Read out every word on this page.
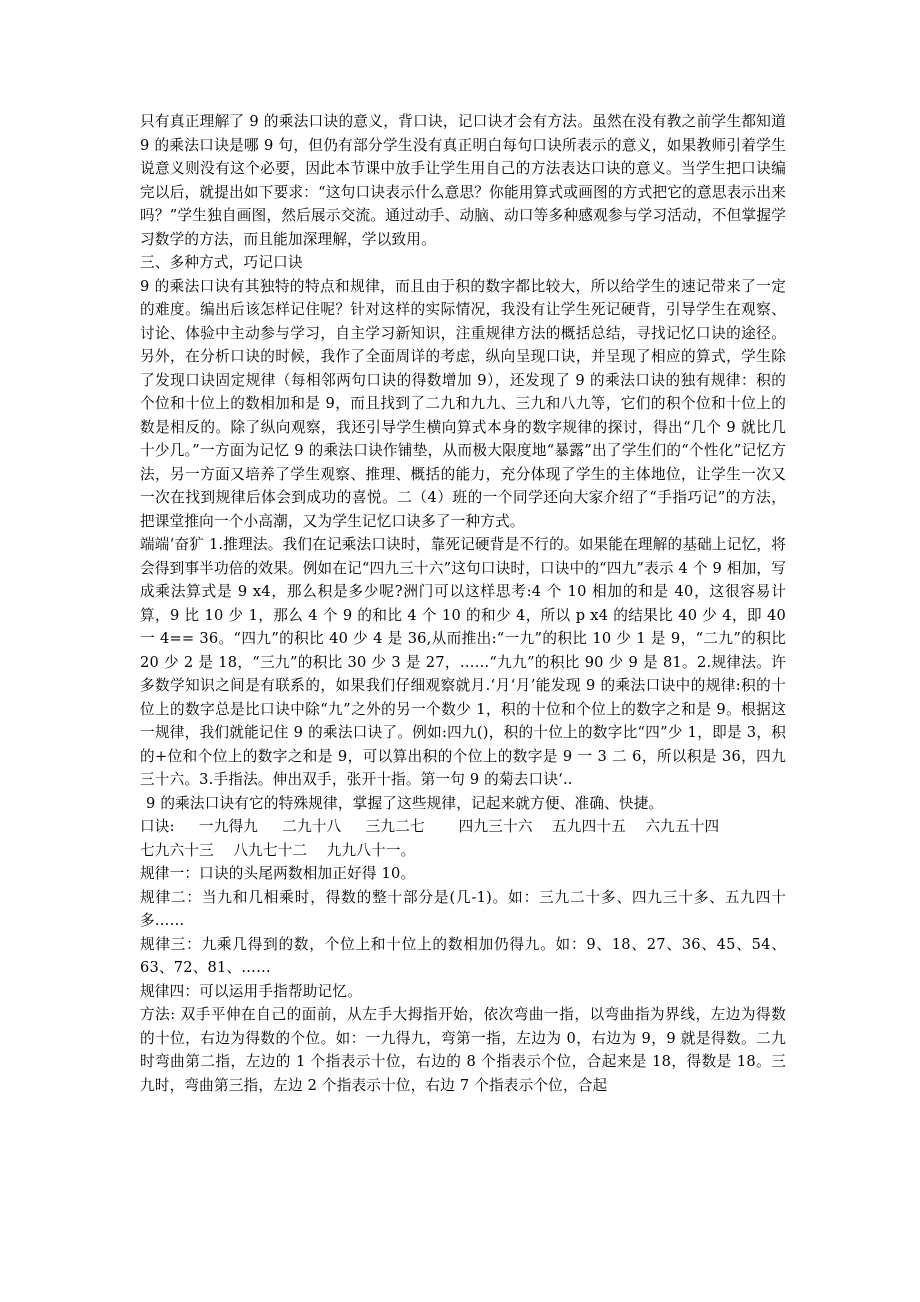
只有真正理解了 9 的乘法口诀的意义，背口诀，记口诀才会有方法。虽然在没有教之前学生都知道 9 的乘法口诀是哪 9 句，但仍有部分学生没有真正明白每句口诀所表示的意义，如果教师引着学生说意义则没有这个必要，因此本节课中放手让学生用自己的方法表达口诀的意义。当学生把口诀编完以后，就提出如下要求：“这句口诀表示什么意思？你能用算式或画图的方式把它的意思表示出来吗？”学生独自画图，然后展示交流。通过动手、动脑、动口等多种感观参与学习活动，不但掌握学习数学的方法，而且能加深理解，学以致用。

三、多种方式，巧记口诀

9 的乘法口诀有其独特的特点和规律，而且由于积的数字都比较大，所以给学生的速记带来了一定的难度。编出后该怎样记住呢？针对这样的实际情况，我没有让学生死记硬背，引导学生在观察、讨论、体验中主动参与学习，自主学习新知识，注重规律方法的概括总结，寻找记忆口诀的途径。另外，在分析口诀的时候，我作了全面周详的考虑，纵向呈现口诀，并呈现了相应的算式，学生除了发现口诀固定规律（每相邻两句口诀的得数增加 9），还发现了 9 的乘法口诀的独有规律：积的个位和十位上的数相加和是 9，而且找到了二九和九九、三九和八九等，它们的积个位和十位上的数是相反的。除了纵向观察，我还引导学生横向算式本身的数字规律的探讨，得出“几个 9 就比几十少几。”一方面为记忆 9 的乘法口诀作铺垫，从而极大限度地“暴露”出了学生们的“个性化”记忆方法，另一方面又培养了学生观察、推理、概括的能力，充分体现了学生的主体地位，让学生一次又一次在找到规律后体会到成功的喜悦。二（4）班的一个同学还向大家介绍了“手指巧记”的方法，把课堂推向一个小高潮，又为学生记忆口诀多了一种方式。

端端‘奋犷 1.推理法。我们在记乘法口诀时，靠死记硬背是不行的。如果能在理解的基础上记忆，将会得到事半功倍的效果。例如在记“四九三十六”这句口诀时，口诀中的“四九”表示 4 个 9 相加，写成乘法算式是 9 x4，那么积是多少呢?洲门可以这样思考:4 个 10 相加的和是 40，这很容易计算，9 比 10 少 1，那么 4 个 9 的和比 4 个 10 的和少 4，所以 p x4 的结果比 40 少 4，即 40 一 4== 36。“四九”的积比 40 少 4 是 36,从而推出:“一九”的积比 10 少 1 是 9，“二九”的积比 20 少 2 是 18，“三九”的积比 30 少 3 是 27，……“九九”的积比 90 少 9 是 81。2.规律法。许多数学知识之间是有联系的，如果我们仔细观察就月.‘月‘月’能发现 9 的乘法口诀中的规律:积的十位上的数字总是比口诀中除“九”之外的另一个数少 1，积的十位和个位上的数字之和是 9。根据这一规律，我们就能记住 9 的乘法口诀了。例如:四九()，积的十位上的数字比“四”少 1，即是 3，积的+位和个位上的数字之和是 9，可以算出积的个位上的数字是 9 一 3 二 6，所以积是 36，四九三十六。3.手指法。伸出双手，张开十指。第一句 9 的菊去口诀‘..

9 的乘法口诀有它的特殊规律，掌握了这些规律，记起来就方便、准确、快捷。

口诀:     一九得九     二九十八     三九二七       四九三十六    五九四十五    六九五十四

七九六十三    八九七十二    九九八十一。

规律一：口诀的头尾两数相加正好得 10。

规律二：当九和几相乘时，得数的整十部分是(几-1)。如：三九二十多、四九三十多、五九四十多……

规律三：九乘几得到的数，个位上和十位上的数相加仍得九。如：9、18、27、36、45、54、63、72、81、……

规律四：可以运用手指帮助记忆。

方法: 双手平伸在自己的面前，从左手大拇指开始，依次弯曲一指，以弯曲指为界线，左边为得数的十位，右边为得数的个位。如：一九得九，弯第一指，左边为 0，右边为 9，9 就是得数。二九时弯曲第二指，左边的 1 个指表示十位，右边的 8 个指表示个位，合起来是 18，得数是 18。三九时，弯曲第三指，左边 2 个指表示十位，右边 7 个指表示个位，合起
